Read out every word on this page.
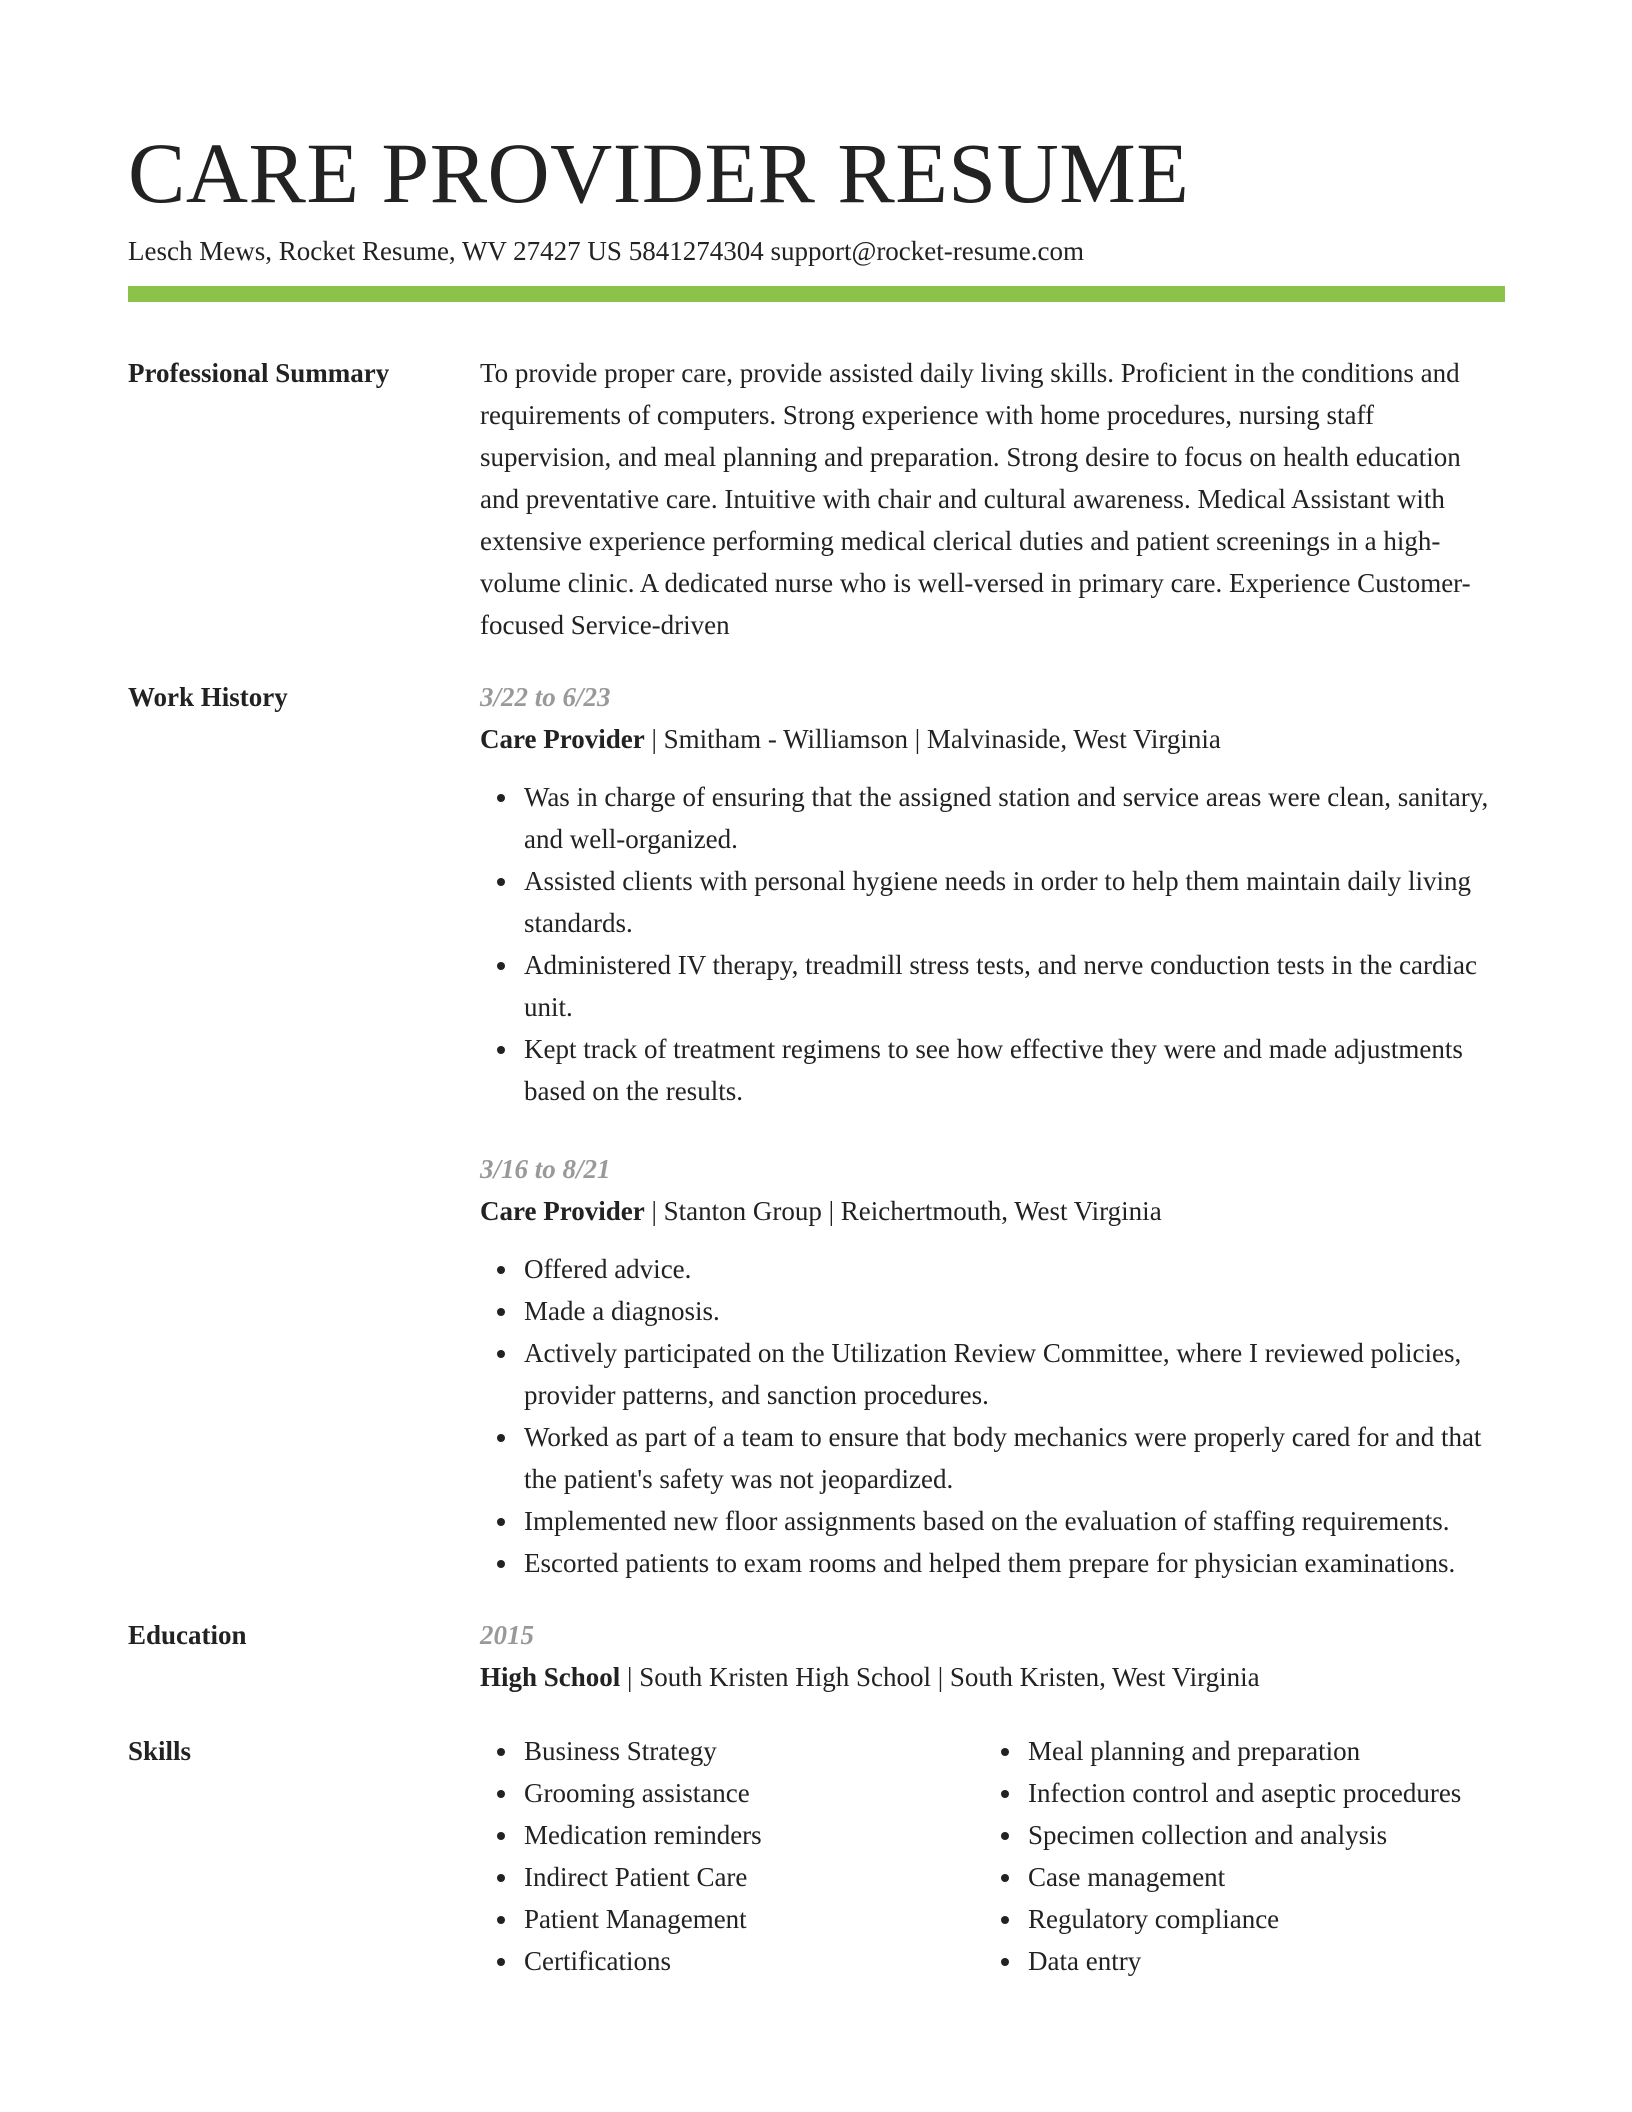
CARE PROVIDER RESUME
Lesch Mews, Rocket Resume, WV 27427 US 5841274304 support@rocket-resume.com
Professional Summary	To provide proper care, provide assisted daily living skills. Proficient in the conditions and requirements of computers. Strong experience with home procedures, nursing staff supervision, and meal planning and preparation. Strong desire to focus on health education and preventative care. Intuitive with chair and cultural awareness. Medical Assistant with extensive experience performing medical clerical duties and patient screenings in a high-volume clinic. A dedicated nurse who is well-versed in primary care. Experience Customer-focused Service-driven

Work History	3/22 to 6/23
Care Provider | Smitham - Williamson | Malvinaside, West Virginia
Was in charge of ensuring that the assigned station and service areas were clean, sanitary, and well-organized.
Assisted clients with personal hygiene needs in order to help them maintain daily living standards.
Administered IV therapy, treadmill stress tests, and nerve conduction tests in the cardiac unit.
Kept track of treatment regimens to see how effective they were and made adjustments based on the results.
3/16 to 8/21
Care Provider | Stanton Group | Reichertmouth, West Virginia
Offered advice.
Made a diagnosis.
Actively participated on the Utilization Review Committee, where I reviewed policies, provider patterns, and sanction procedures.
Worked as part of a team to ensure that body mechanics were properly cared for and that the patient's safety was not jeopardized.
Implemented new floor assignments based on the evaluation of staffing requirements.
Escorted patients to exam rooms and helped them prepare for physician examinations.
Education	2015
High School | South Kristen High School | South Kristen, West Virginia
Skills	Business Strategy
Grooming assistance
Medication reminders
Indirect Patient Care
Patient Management
Certifications
Meal planning and preparation
Infection control and aseptic procedures
Specimen collection and analysis
Case management
Regulatory compliance
Data entry
